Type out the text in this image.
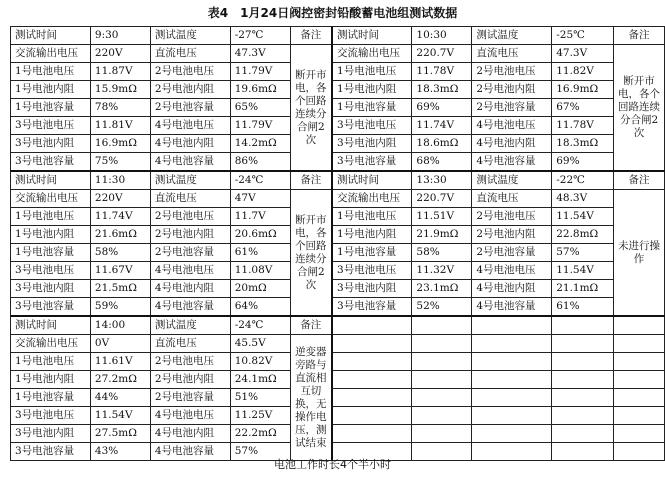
表4　1月24日阀控密封铅酸蓄电池组测试数据
测试时间	9:30	测试温度	-27℃	备注	测试时间	10:30	测试温度	-25℃	备注
交流输出电压	220V	直流电压	47.3V	断开市电，各个回路连续分合闸2次	交流输出电压	220.7V	直流电压	47.3V	断开市电，各个回路连续分合闸2次
1号电池电压	11.87V	2号电池电压	11.79V		1号电池电压	11.78V	2号电池电压	11.82V	
1号电池内阻	15.9mΩ	2号电池内阻	19.6mΩ		1号电池内阻	18.3mΩ	2号电池内阻	16.9mΩ	
1号电池容量	78%	2号电池容量	65%		1号电池容量	69%	2号电池容量	67%	
3号电池电压	11.81V	4号电池电压	11.79V		3号电池电压	11.74V	4号电池电压	11.78V	
3号电池内阻	16.9mΩ	4号电池内阻	14.2mΩ		3号电池内阻	18.6mΩ	4号电池内阻	18.3mΩ	
3号电池容量	75%	4号电池容量	86%		3号电池容量	68%	4号电池容量	69%	
测试时间	11:30	测试温度	-24℃	备注	测试时间	13:30	测试温度	-22℃	备注
交流输出电压	220V	直流电压	47V	断开市电，各个回路连续分合闸2次	交流输出电压	220.7V	直流电压	48.3V	未进行操作
1号电池电压	11.74V	2号电池电压	11.7V		1号电池电压	11.51V	2号电池电压	11.54V	
1号电池内阻	21.6mΩ	2号电池内阻	20.6mΩ		1号电池内阻	21.9mΩ	2号电池内阻	22.8mΩ	
1号电池容量	58%	2号电池容量	61%		1号电池容量	58%	2号电池容量	57%	
3号电池电压	11.67V	4号电池电压	11.08V		3号电池电压	11.32V	4号电池电压	11.54V	
3号电池内阻	21.5mΩ	4号电池内阻	20mΩ		3号电池内阻	23.1mΩ	4号电池内阻	21.1mΩ	
3号电池容量	59%	4号电池容量	64%		3号电池容量	52%	4号电池容量	61%	
测试时间	14:00	测试温度	-24℃	备注					
交流输出电压	0V	直流电压	45.5V	逆变器旁路与直流相互切换，无操作电压，测试结束					
1号电池电压	11.61V	2号电池电压	10.82V						
1号电池内阻	27.2mΩ	2号电池内阻	24.1mΩ						
1号电池容量	44%	2号电池容量	51%						
3号电池电压	11.54V	4号电池电压	11.25V						
3号电池内阻	27.5mΩ	4号电池内阻	22.2mΩ						
3号电池容量	43%	4号电池容量	57%						
电池工作时长4个半小时
